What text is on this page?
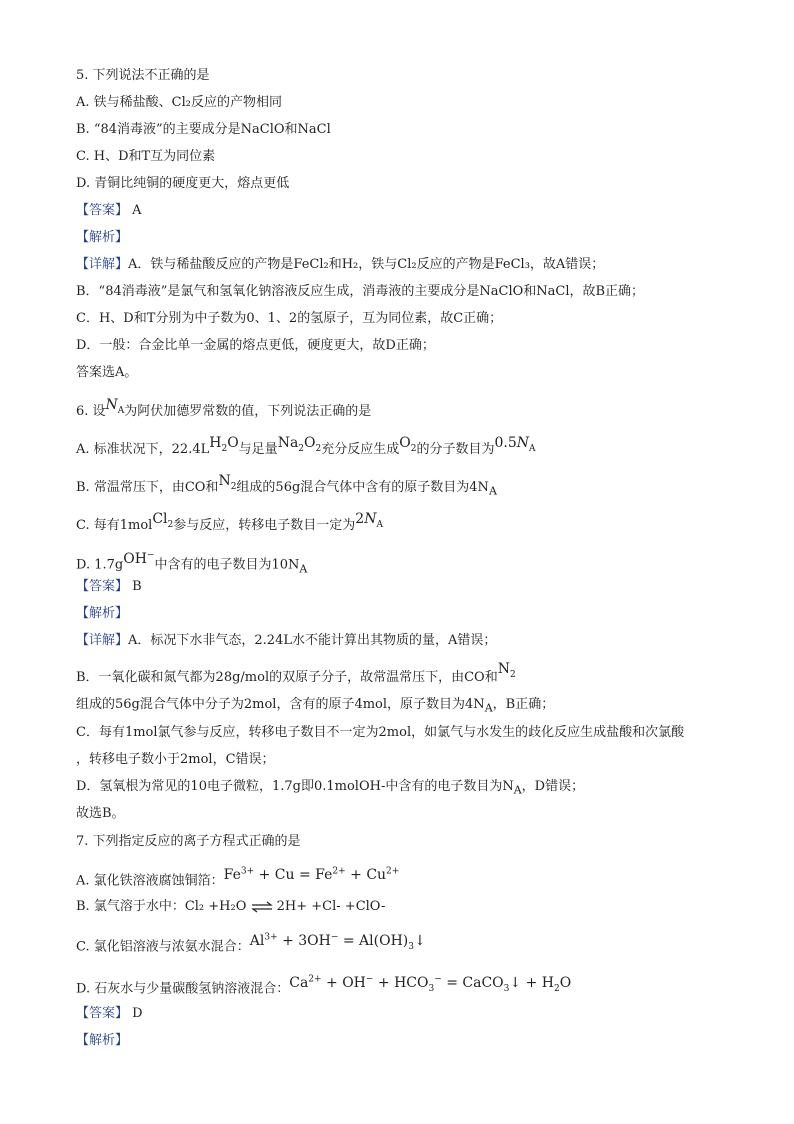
5. 下列说法不正确的是
A. 铁与稀盐酸、Cl₂反应的产物相同
B. “84消毒液”的主要成分是NaClO和NaCl
C. H、D和T互为同位素
D. 青铜比纯铜的硬度更大，熔点更低
【答案】 A
【解析】
【详解】A．铁与稀盐酸反应的产物是FeCl₂和H₂，铁与Cl₂反应的产物是FeCl₃，故A错误；
B．“84消毒液”是氯气和氢氧化钠溶液反应生成，消毒液的主要成分是NaClO和NaCl，故B正确；
C．H、D和T分别为中子数为0、1、2的氢原子，互为同位素，故C正确；
D．一般：合金比单一金属的熔点更低，硬度更大，故D正确；
答案选A。
6. 设$N_A$为阿伏加德罗常数的值，下列说法正确的是
A. 标准状况下，$22.4LH_2O$与足量$Na_2O_2$充分反应生成$O_2$的分子数目为$0.5N_A$
B. 常温常压下，由CO和$N_2$组成的56g混合气体中含有的原子数目为$4N_A$
C. 每有1molCl$_2$参与反应，转移电子数目一定为$2N_A$
D. 1.7gOH−中含有的电子数目为$10N_A$
【答案】 B
【解析】
【详解】A．标况下水非气态，2.24L水不能计算出其物质的量，A错误；
B．一氧化碳和氮气都为28g/mol的双原子分子，故常温常压下，由CO和$N_2$
组成的56g混合气体中分子为2mol，含有的原子4mol，原子数目为$4N_A$，B正确；
C．每有1mol氯气参与反应，转移电子数目不一定为2mol，如氯气与水发生的歧化反应生成盐酸和次氯酸
，转移电子数小于2mol，C错误；
D．氢氧根为常见的10电子微粒，1.7g即0.1molOH-中含有的电子数目为$N_A$，D错误；
故选B。
7. 下列指定反应的离子方程式正确的是
A. 氯化铁溶液腐蚀铜箔：$Fe^{3+} + Cu = Fe^{2+} + Cu^{2+}$
B. 氯气溶于水中：Cl₂ +H₂O ⇌ 2H+ +Cl- +ClO-
C. 氯化铝溶液与浓氨水混合：$Al^{3+} + 3OH^-$ = $Al(OH)_3↓$
D. 石灰水与少量碳酸氢钠溶液混合：$Ca^{2+} + OH^- + HCO_3^-$ = CaCO$_3$↓ + $H_2O$
【答案】 D
【解析】
